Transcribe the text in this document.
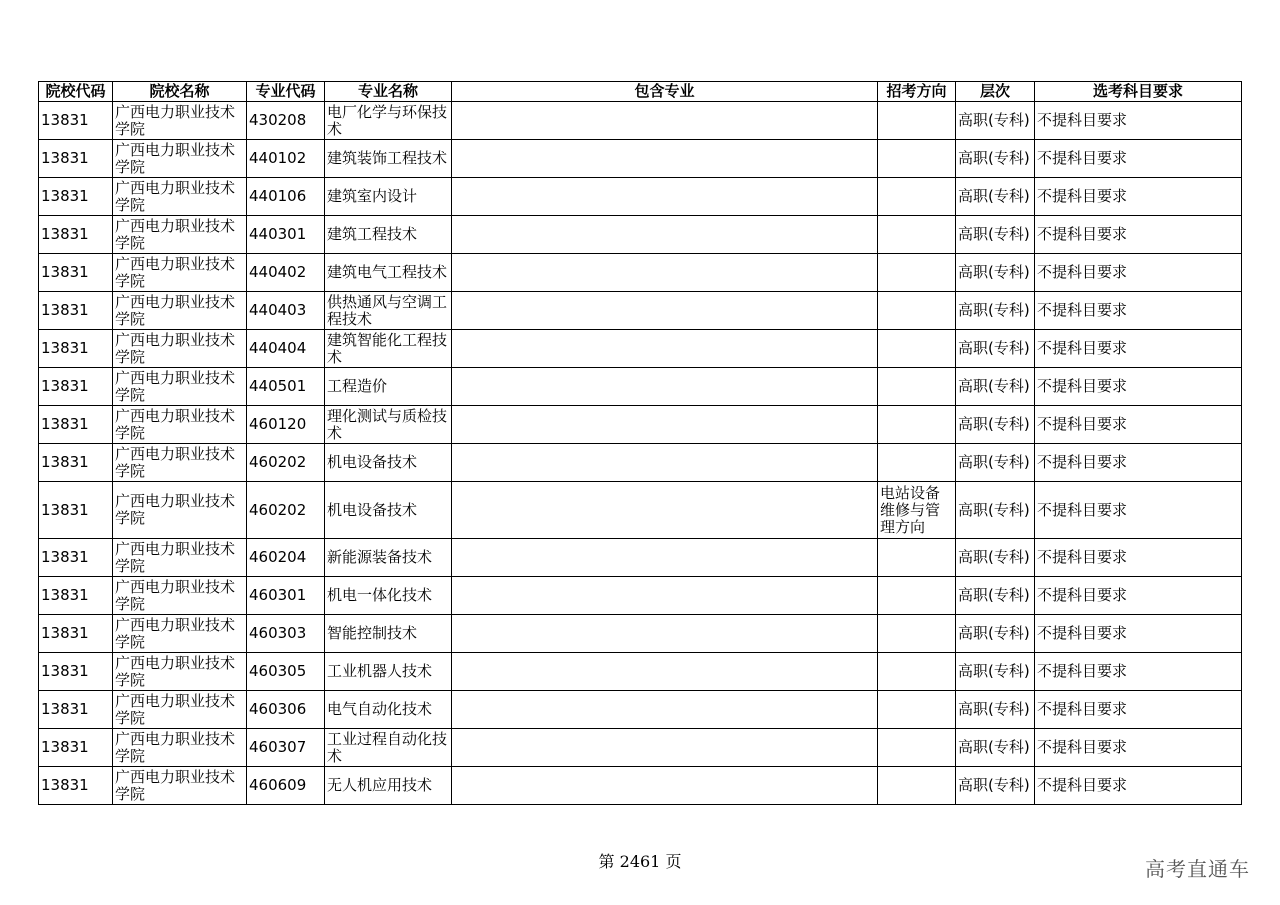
院校代码	院校名称	专业代码	专业名称	包含专业	招考方向	层次	选考科目要求
13831	广西电力职业技术学院	430208	电厂化学与环保技术			高职(专科)	不提科目要求
13831	广西电力职业技术学院	440102	建筑装饰工程技术			高职(专科)	不提科目要求
13831	广西电力职业技术学院	440106	建筑室内设计			高职(专科)	不提科目要求
13831	广西电力职业技术学院	440301	建筑工程技术			高职(专科)	不提科目要求
13831	广西电力职业技术学院	440402	建筑电气工程技术			高职(专科)	不提科目要求
13831	广西电力职业技术学院	440403	供热通风与空调工程技术			高职(专科)	不提科目要求
13831	广西电力职业技术学院	440404	建筑智能化工程技术			高职(专科)	不提科目要求
13831	广西电力职业技术学院	440501	工程造价			高职(专科)	不提科目要求
13831	广西电力职业技术学院	460120	理化测试与质检技术			高职(专科)	不提科目要求
13831	广西电力职业技术学院	460202	机电设备技术			高职(专科)	不提科目要求
13831	广西电力职业技术学院	460202	机电设备技术		电站设备维修与管理方向	高职(专科)	不提科目要求
13831	广西电力职业技术学院	460204	新能源装备技术			高职(专科)	不提科目要求
13831	广西电力职业技术学院	460301	机电一体化技术			高职(专科)	不提科目要求
13831	广西电力职业技术学院	460303	智能控制技术			高职(专科)	不提科目要求
13831	广西电力职业技术学院	460305	工业机器人技术			高职(专科)	不提科目要求
13831	广西电力职业技术学院	460306	电气自动化技术			高职(专科)	不提科目要求
13831	广西电力职业技术学院	460307	工业过程自动化技术			高职(专科)	不提科目要求
13831	广西电力职业技术学院	460609	无人机应用技术			高职(专科)	不提科目要求
第 2461 页	高考直通车
